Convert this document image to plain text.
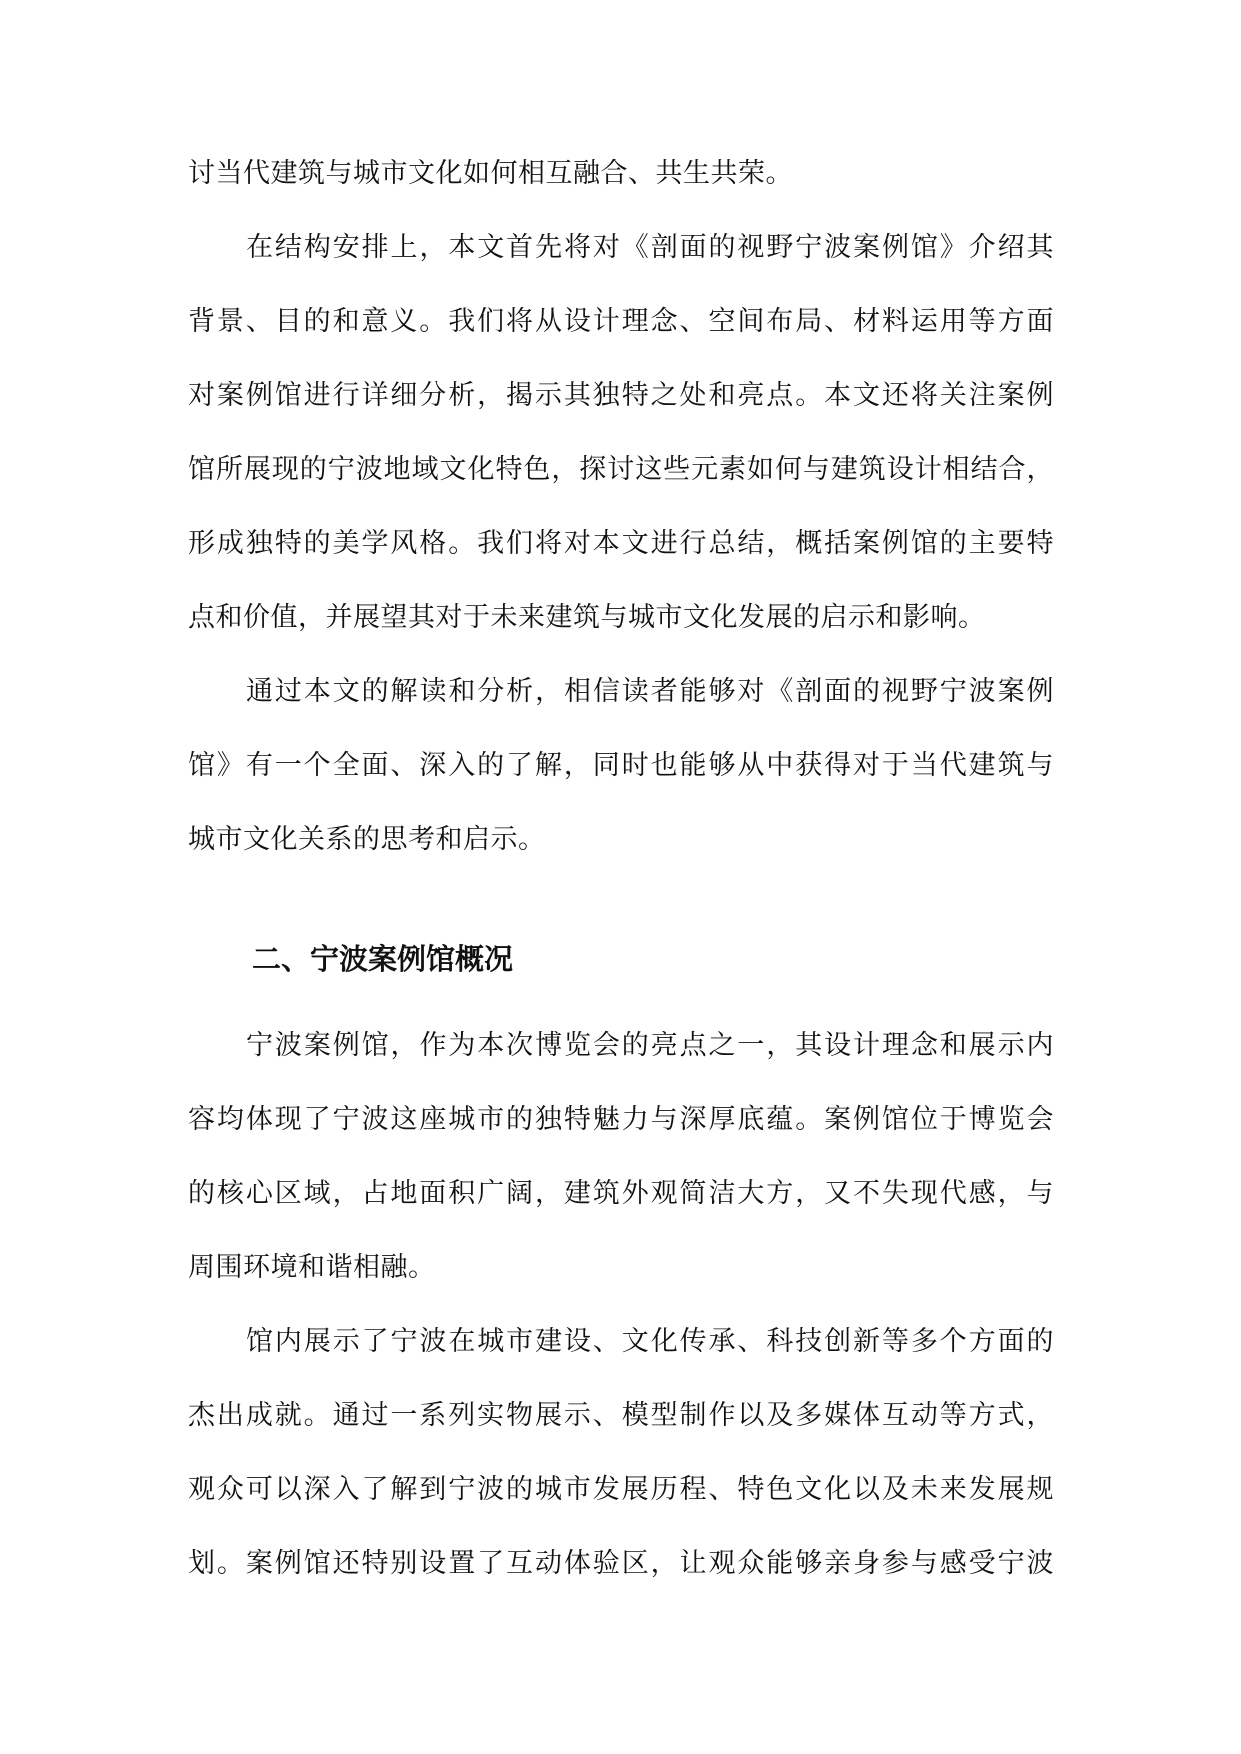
讨当代建筑与城市文化如何相互融合、共生共荣。
在结构安排上，本文首先将对《剖面的视野宁波案例馆》介绍其
背景、目的和意义。我们将从设计理念、空间布局、材料运用等方面
对案例馆进行详细分析，揭示其独特之处和亮点。本文还将关注案例
馆所展现的宁波地域文化特色，探讨这些元素如何与建筑设计相结合，
形成独特的美学风格。我们将对本文进行总结，概括案例馆的主要特
点和价值，并展望其对于未来建筑与城市文化发展的启示和影响。
通过本文的解读和分析，相信读者能够对《剖面的视野宁波案例
馆》有一个全面、深入的了解，同时也能够从中获得对于当代建筑与
城市文化关系的思考和启示。
二、宁波案例馆概况
宁波案例馆，作为本次博览会的亮点之一，其设计理念和展示内
容均体现了宁波这座城市的独特魅力与深厚底蕴。案例馆位于博览会
的核心区域，占地面积广阔，建筑外观简洁大方，又不失现代感，与
周围环境和谐相融。
馆内展示了宁波在城市建设、文化传承、科技创新等多个方面的
杰出成就。通过一系列实物展示、模型制作以及多媒体互动等方式，
观众可以深入了解到宁波的城市发展历程、特色文化以及未来发展规
划。案例馆还特别设置了互动体验区，让观众能够亲身参与感受宁波
